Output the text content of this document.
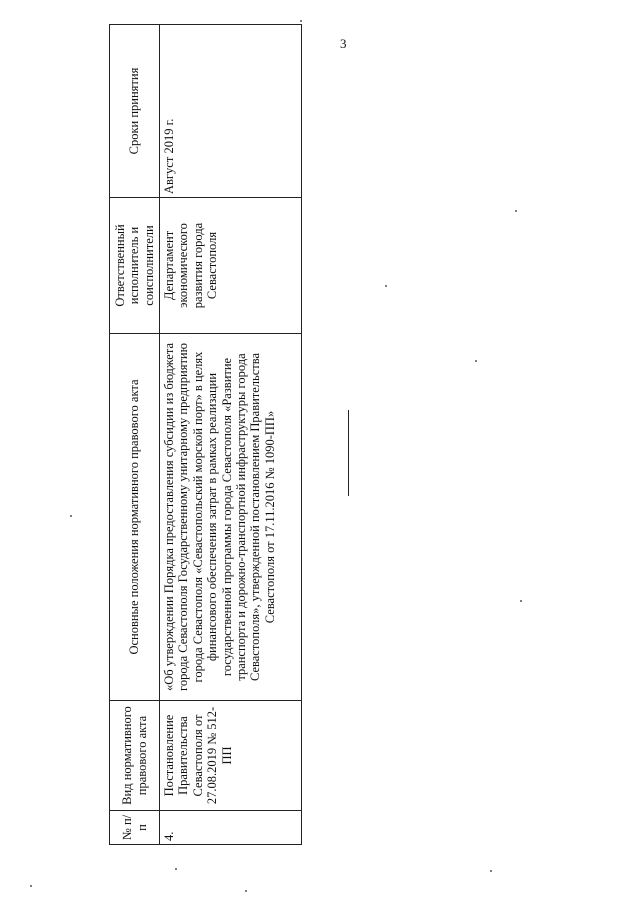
3
№ п/п	Вид нормативного правового акта	Основные положения нормативного правового акта	Ответственный исполнитель и соисполнители	Сроки принятия
4.	Постановление Правительства Севастополя от 27.08.2019 № 512-ПП	«Об утверждении Порядка предоставления субсидии из бюджета города Севастополя Государственному унитарному предприятию города Севастополя «Севастопольский морской порт» в целях финансового обеспечения затрат в рамках реализации государственной программы города Севастополя «Развитие транспорта и дорожно-транспортной инфраструктуры города Севастополя», утвержденной постановлением Правительства Севастополя от 17.11.2016 № 1090-ПП»	Департамент экономического развития города Севастополя	Август 2019 г.
